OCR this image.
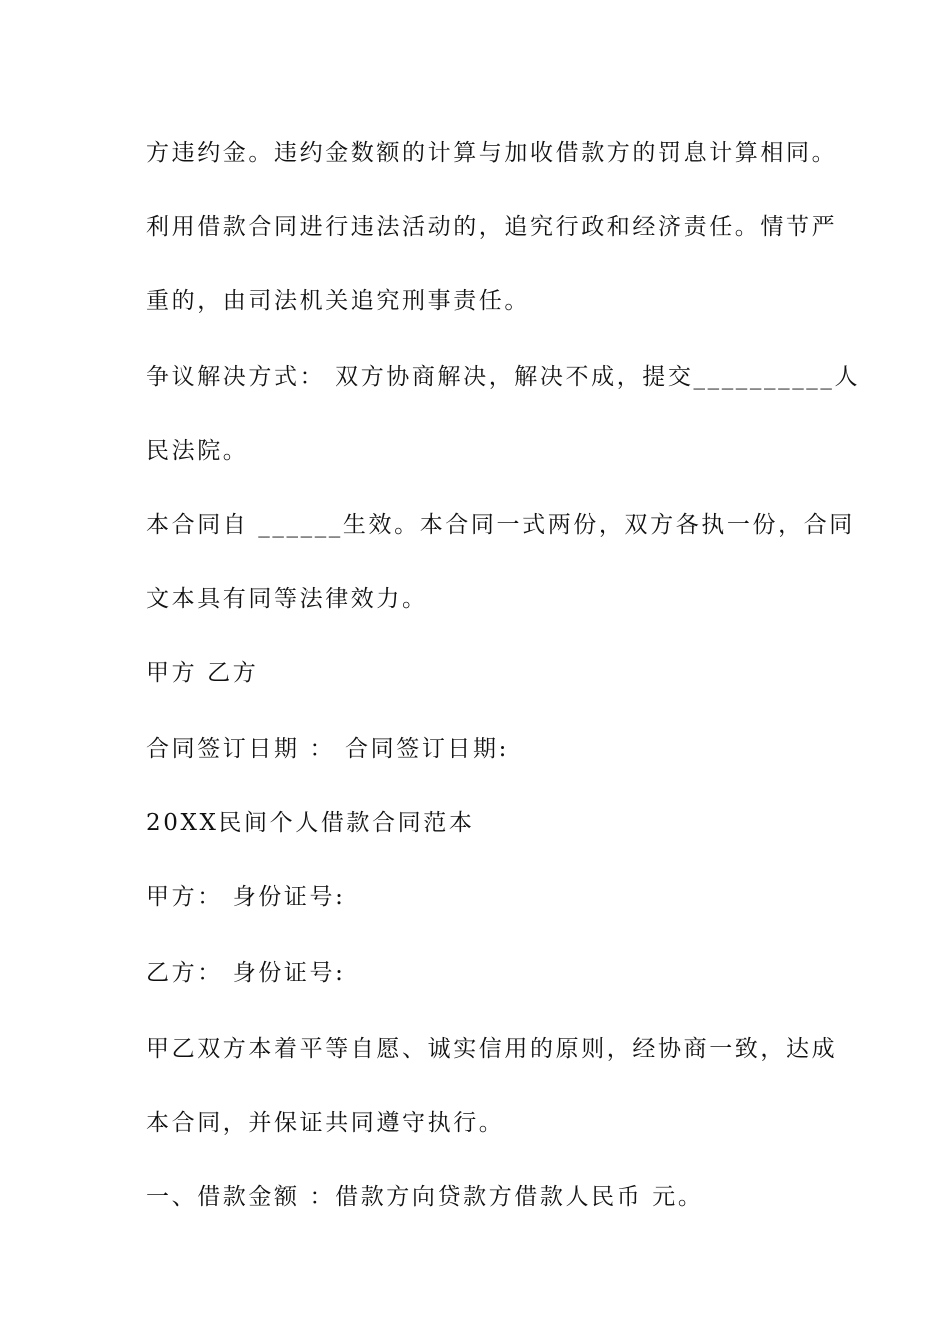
方违约金。违约金数额的计算与加收借款方的罚息计算相同。
利用借款合同进行违法活动的，追究行政和经济责任。情节严
重的，由司法机关追究刑事责任。
争议解决方式： 双方协商解决，解决不成，提交__________人
民法院。
本合同自 ______生效。本合同一式两份，双方各执一份，合同
文本具有同等法律效力。
甲方 乙方
合同签订日期 ： 合同签订日期:
20XX民间个人借款合同范本
甲方： 身份证号:
乙方： 身份证号:
甲乙双方本着平等自愿、诚实信用的原则，经协商一致，达成
本合同，并保证共同遵守执行。
一、借款金额 ：借款方向贷款方借款人民币 元。
